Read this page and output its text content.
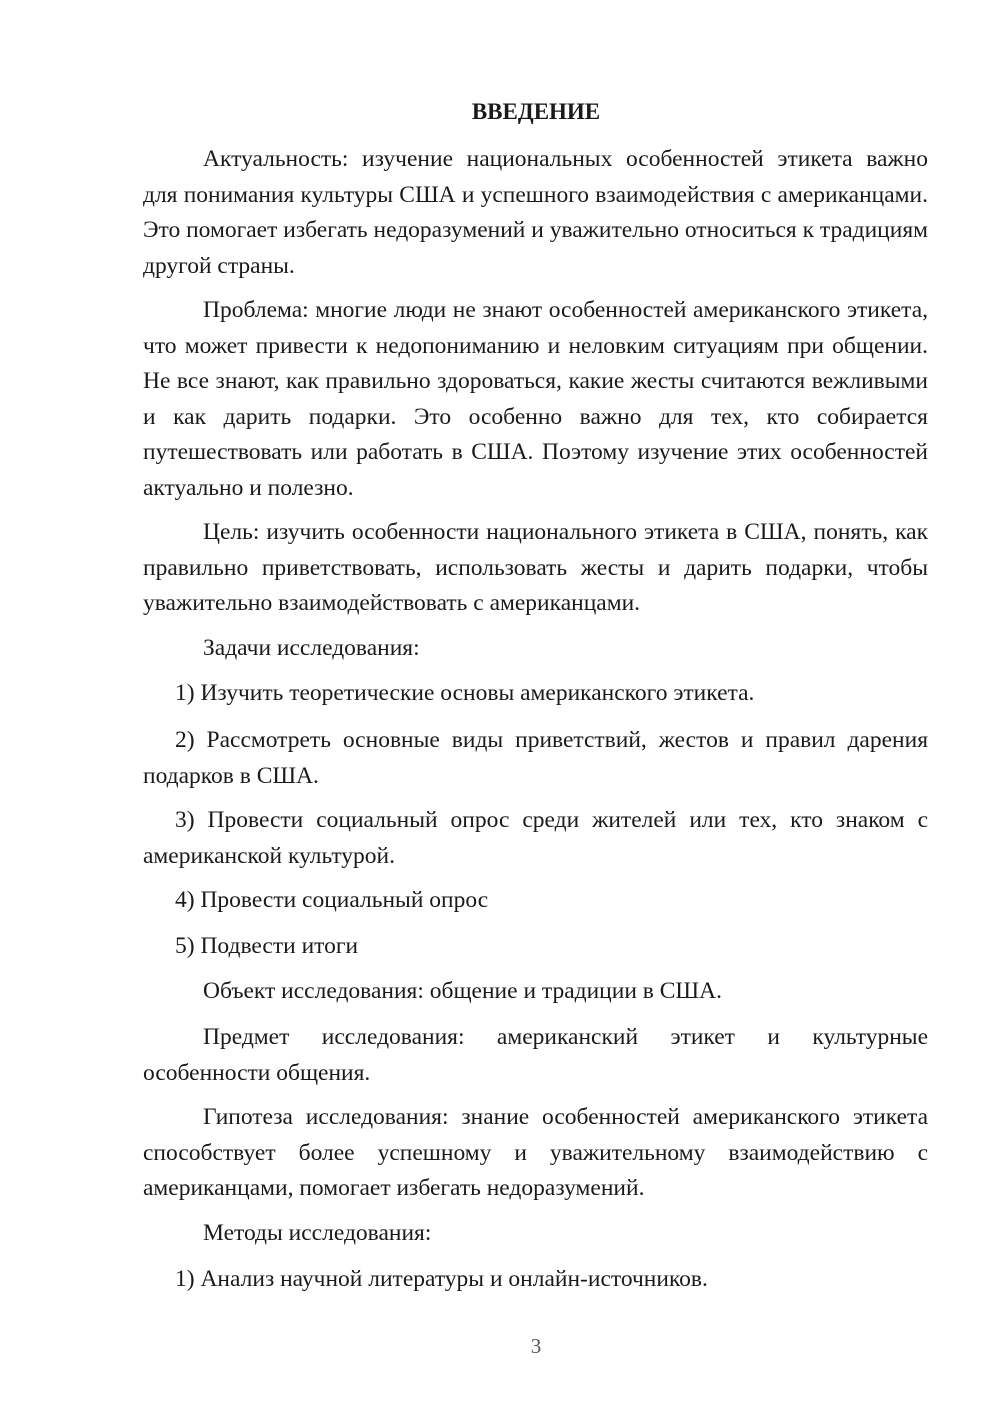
ВВЕДЕНИЕ

Актуальность: изучение национальных особенностей этикета важно для понимания культуры США и успешного взаимодействия с американцами. Это помогает избегать недоразумений и уважительно относиться к традициям другой страны.

Проблема: многие люди не знают особенностей американского этикета, что может привести к недопониманию и неловким ситуациям при общении. Не все знают, как правильно здороваться, какие жесты считаются вежливыми и как дарить подарки. Это особенно важно для тех, кто собирается путешествовать или работать в США. Поэтому изучение этих особенностей актуально и полезно.

Цель: изучить особенности национального этикета в США, понять, как правильно приветствовать, использовать жесты и дарить подарки, чтобы уважительно взаимодействовать с американцами.

Задачи исследования:

1) Изучить теоретические основы американского этикета.

2) Рассмотреть основные виды приветствий, жестов и правил дарения подарков в США.

3) Провести социальный опрос среди жителей или тех, кто знаком с американской культурой.

4) Провести социальный опрос

5) Подвести итоги

Объект исследования: общение и традиции в США.

Предмет исследования: американский этикет и культурные особенности общения.

Гипотеза исследования: знание особенностей американского этикета способствует более успешному и уважительному взаимодействию с американцами, помогает избегать недоразумений.

Методы исследования:

1) Анализ научной литературы и онлайн-источников.

3
